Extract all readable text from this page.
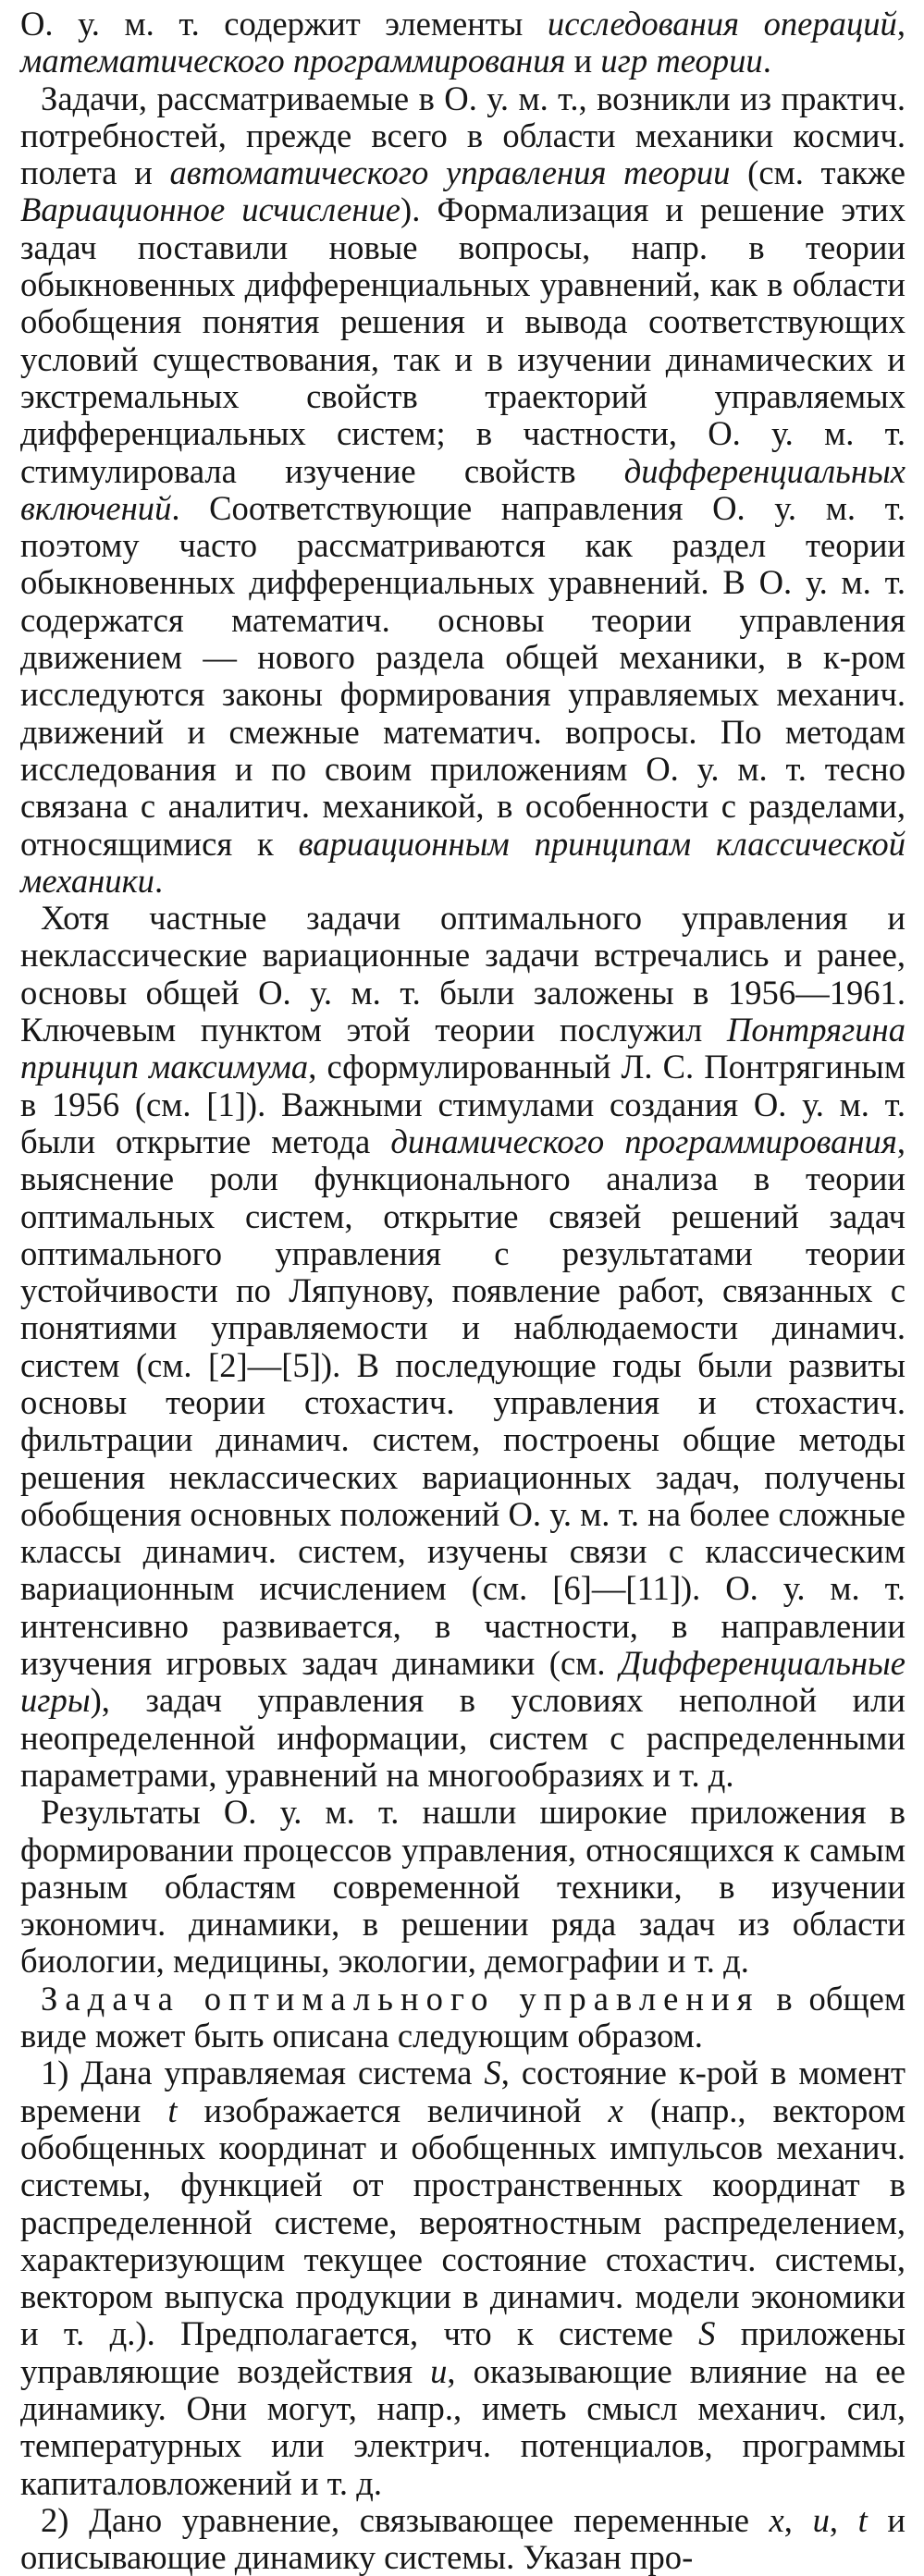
О. у. м. т. содержит элементы исследования операций, математического программирования и игр теории.

Задачи, рассматриваемые в О. у. м. т., возникли из практич. потребностей, прежде всего в области механики космич. полета и автоматического управления теории (см. также Вариационное исчисление). Формализация и решение этих задач поставили новые вопросы, напр. в теории обыкновенных дифференциальных уравнений, как в области обобщения понятия решения и вывода соответствующих условий существования, так и в изучении динамических и экстремальных свойств траекторий управляемых дифференциальных систем; в частности, О. у. м. т. стимулировала изучение свойств дифференциальных включений. Соответствующие направления О. у. м. т. поэтому часто рассматриваются как раздел теории обыкновенных дифференциальных уравнений. В О. у. м. т. содержатся математич. основы теории управления движением — нового раздела общей механики, в к-ром исследуются законы формирования управляемых механич. движений и смежные математич. вопросы. По методам исследования и по своим приложениям О. у. м. т. тесно связана с аналитич. механикой, в особенности с разделами, относящимися к вариационным принципам классической механики.

Хотя частные задачи оптимального управления и неклассические вариационные задачи встречались и ранее, основы общей О. у. м. т. были заложены в 1956—1961. Ключевым пунктом этой теории послужил Понтрягина принцип максимума, сформулированный Л. С. Понтрягиным в 1956 (см. [1]). Важными стимулами создания О. у. м. т. были открытие метода динамического программирования, выяснение роли функционального анализа в теории оптимальных систем, открытие связей решений задач оптимального управления с результатами теории устойчивости по Ляпунову, появление работ, связанных с понятиями управляемости и наблюдаемости динамич. систем (см. [2]—[5]). В последующие годы были развиты основы теории стохастич. управления и стохастич. фильтрации динамич. систем, построены общие методы решения неклассических вариационных задач, получены обобщения основных положений О. у. м. т. на более сложные классы динамич. систем, изучены связи с классическим вариационным исчислением (см. [6]—[11]). О. у. м. т. интенсивно развивается, в частности, в направлении изучения игровых задач динамики (см. Дифференциальные игры), задач управления в условиях неполной или неопределенной информации, систем с распределенными параметрами, уравнений на многообразиях и т. д.

Результаты О. у. м. т. нашли широкие приложения в формировании процессов управления, относящихся к самым разным областям современной техники, в изучении экономич. динамики, в решении ряда задач из области биологии, медицины, экологии, демографии и т. д.

Задача оптимального управления в общем виде может быть описана следующим образом.

1) Дана управляемая система S, состояние к-рой в момент времени t изображается величиной x (напр., вектором обобщенных координат и обобщенных импульсов механич. системы, функцией от пространственных координат в распределенной системе, вероятностным распределением, характеризующим текущее состояние стохастич. системы, вектором выпуска продукции в динамич. модели экономики и т. д.). Предполагается, что к системе S приложены управляющие воздействия u, оказывающие влияние на ее динамику. Они могут, напр., иметь смысл механич. сил, температурных или электрич. потенциалов, программы капиталовложений и т. д.

2) Дано уравнение, связывающее переменные x, u, t и описывающие динамику системы. Указан про-
